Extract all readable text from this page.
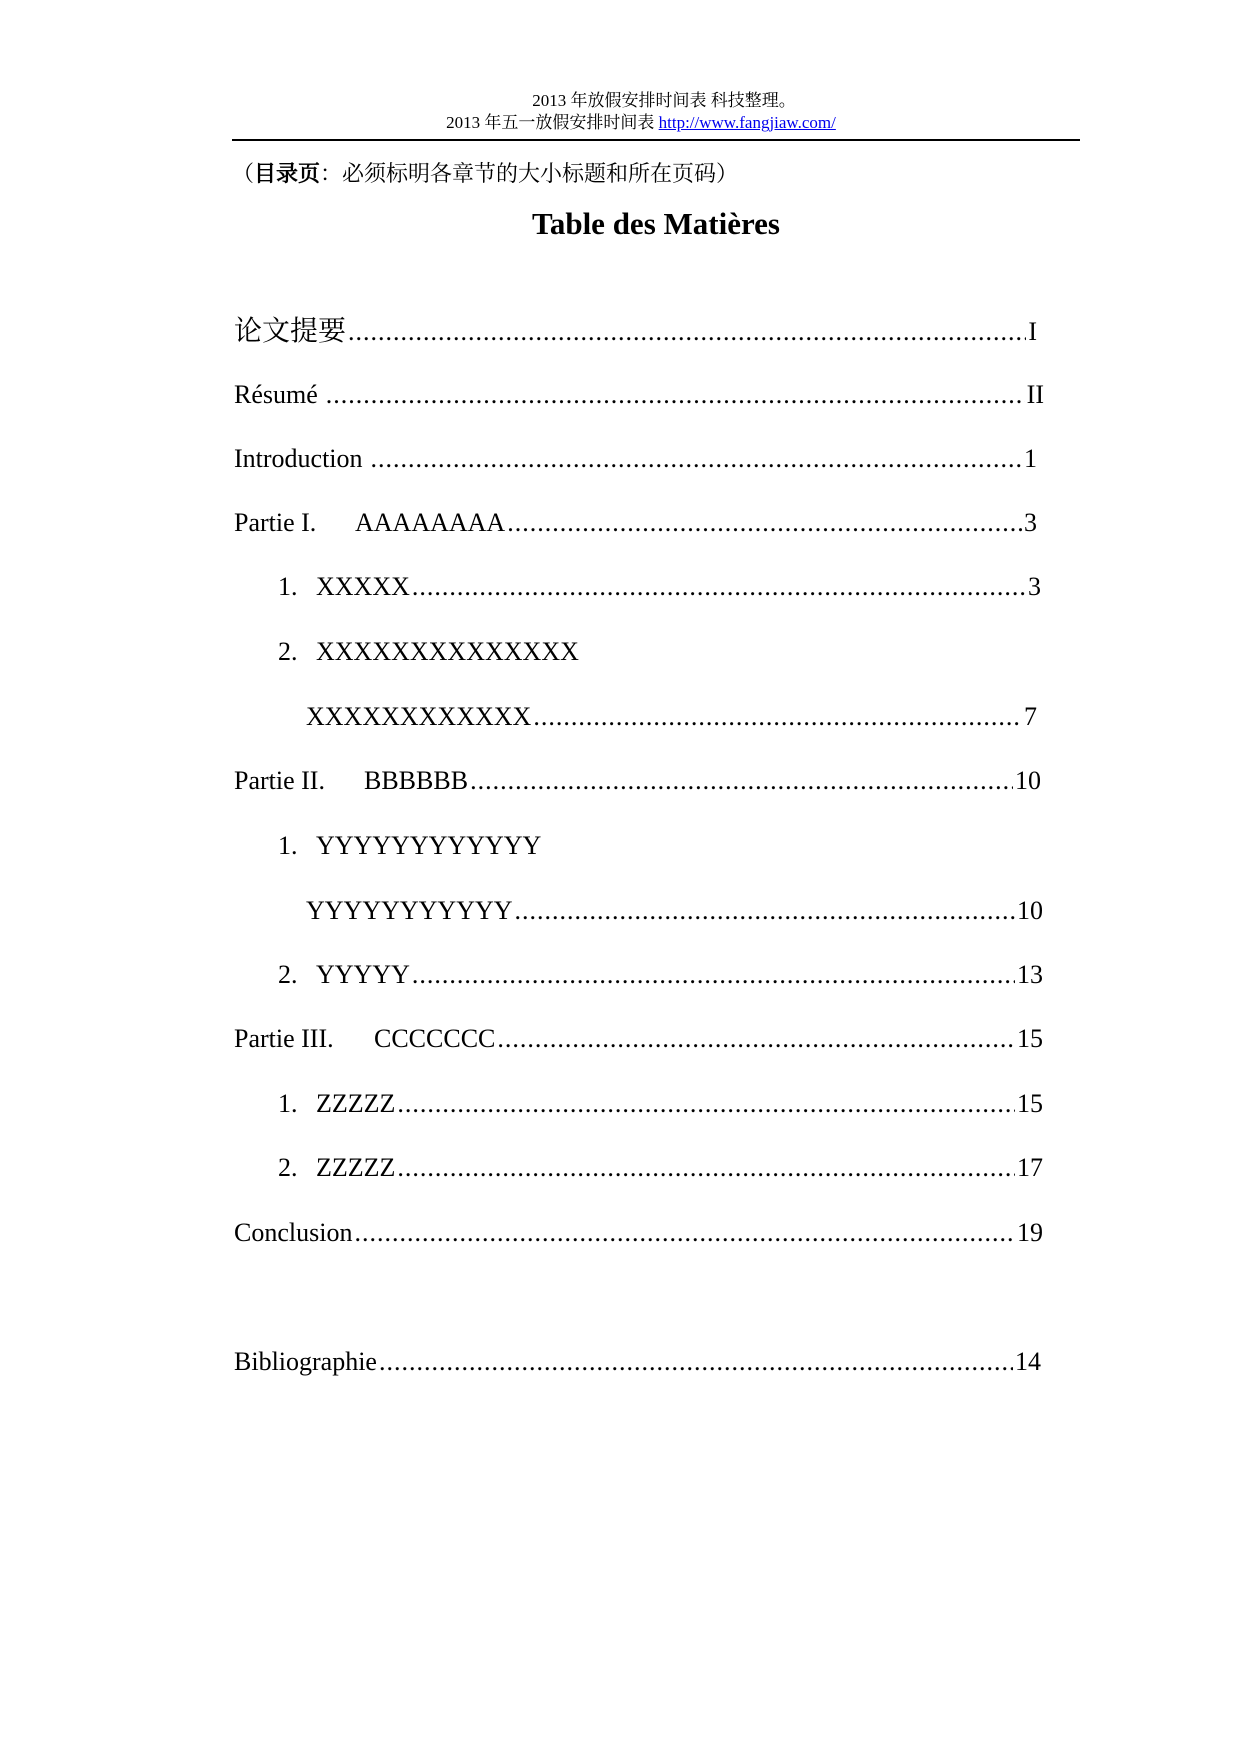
2013 年放假安排时间表 科技整理。
2013 年五一放假安排时间表 http://www.fangjiaw.com/
（目录页：必须标明各章节的大小标题和所在页码）
Table des Matières
论文提要 .....	I
Résumé .....	II
Introduction .....	1
Partie I. AAAAAAAA .....	3
1. XXXXX .....	3
2. XXXXXXXXXXXXXX
XXXXXXXXXXXX .....	7
Partie II. BBBBBB .....	10
1. YYYYYYYYYYYY
YYYYYYYYYYY .....	10
2. YYYYY .....	13
Partie III. CCCCCCC .....	15
1. ZZZZZ .....	15
2. ZZZZZ .....	17
Conclusion .....	19
Bibliographie .....	14
